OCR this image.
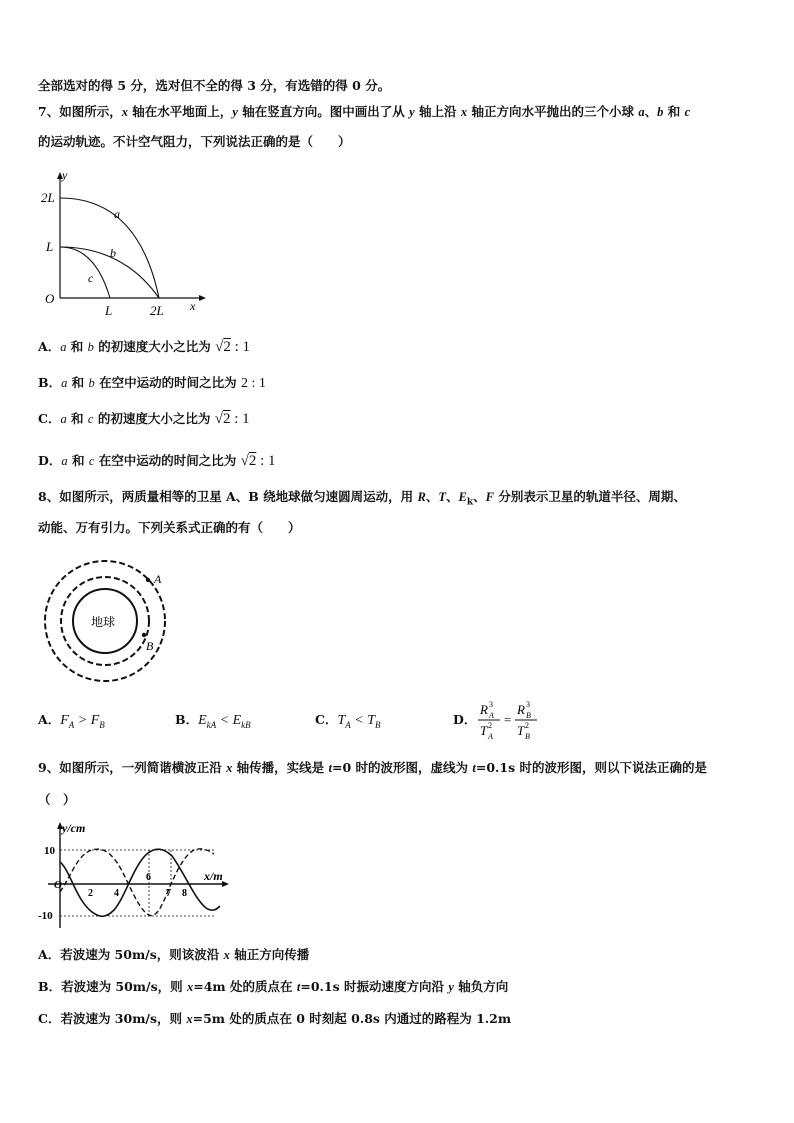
全部选对的得 5 分，选对但不全的得 3 分，有选错的得 0 分。
7、如图所示，x 轴在水平地面上，y 轴在竖直方向。图中画出了从 y 轴上沿 x 轴正方向水平抛出的三个小球 a、b 和 c
的运动轨迹。不计空气阻力，下列说法正确的是（　　）
y
2L
L
O
L	2L x
a
b
c
A．a 和 b 的初速度大小之比为 √2 : 1
B．a 和 b 在空中运动的时间之比为 2 : 1
C．a 和 c 的初速度大小之比为 √2 : 1
D．a 和 c 在空中运动的时间之比为 √2 : 1
8、如图所示，两质量相等的卫星 A、B 绕地球做匀速圆周运动，用 R、T、$E_k$、F 分别表示卫星的轨道半径、周期、
动能、万有引力。下列关系式正确的有（　　）
地球
A
B
A．$F_A > F_B$	B．$E_{kA} < E_{kB}$	C．$T_A < T_B$	D．
R A
3
T A
2 =
R B
3
T B
2
9、如图所示，一列简谐横波正沿 x 轴传播，实线是 t=0 时的波形图，虚线为 t=0.1s 时的波形图，则以下说法正确的是
（　）
y/cm
10
-10
O
2 4
6
7 8
x/m
A．若波速为 50m/s，则该波沿 x 轴正方向传播
B．若波速为 50m/s，则 x=4m 处的质点在 t=0.1s 时振动速度方向沿 y 轴负方向
C．若波速为 30m/s，则 x=5m 处的质点在 0 时刻起 0.8s 内通过的路程为 1.2m
